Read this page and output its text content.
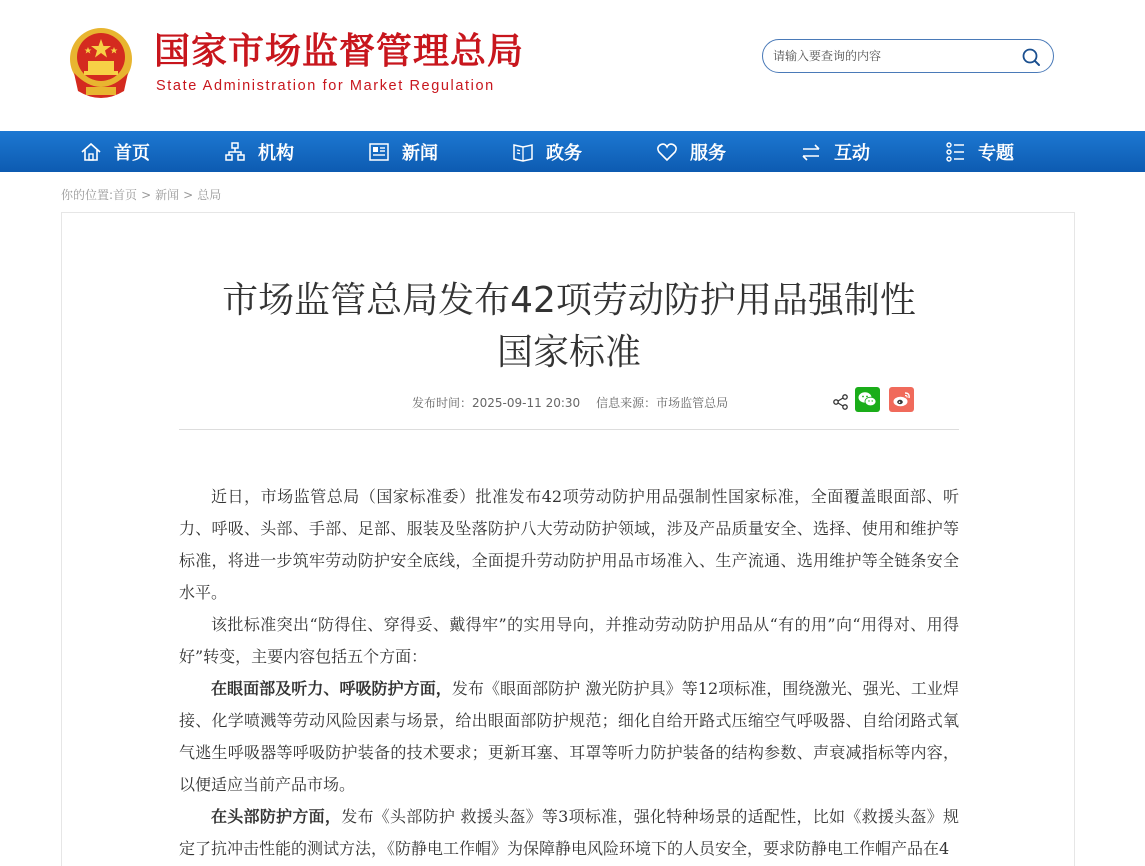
国家市场监督管理总局
State Administration for Market Regulation
请输入要查询的内容
首页	机构	新闻	政务	服务	互动	专题
你的位置:首页 > 新闻 > 总局
市场监管总局发布42项劳动防护用品强制性
国家标准
发布时间：2025-09-11 20:30 信息来源：市场监管总局

近日，市场监管总局（国家标准委）批准发布42项劳动防护用品强制性国家标准，全面覆盖眼面部、听力、呼吸、头部、手部、足部、服装及坠落防护八大劳动防护领域，涉及产品质量安全、选择、使用和维护等标准，将进一步筑牢劳动防护安全底线，全面提升劳动防护用品市场准入、生产流通、选用维护等全链条安全水平。

该批标准突出“防得住、穿得妥、戴得牢”的实用导向，并推动劳动防护用品从“有的用”向“用得对、用得好”转变，主要内容包括五个方面：

在眼面部及听力、呼吸防护方面，发布《眼面部防护 激光防护具》等12项标准，围绕激光、强光、工业焊接、化学喷溅等劳动风险因素与场景，给出眼面部防护规范；细化自给开路式压缩空气呼吸器、自给闭路式氧气逃生呼吸器等呼吸防护装备的技术要求；更新耳塞、耳罩等听力防护装备的结构参数、声衰减指标等内容，以便适应当前产品市场。

在头部防护方面，发布《头部防护 救援头盔》等3项标准，强化特种场景的适配性，比如《救援头盔》规定了抗冲击性能的测试方法，《防静电工作帽》为保障静电风险环境下的人员安全，要求防静电工作帽产品在4
